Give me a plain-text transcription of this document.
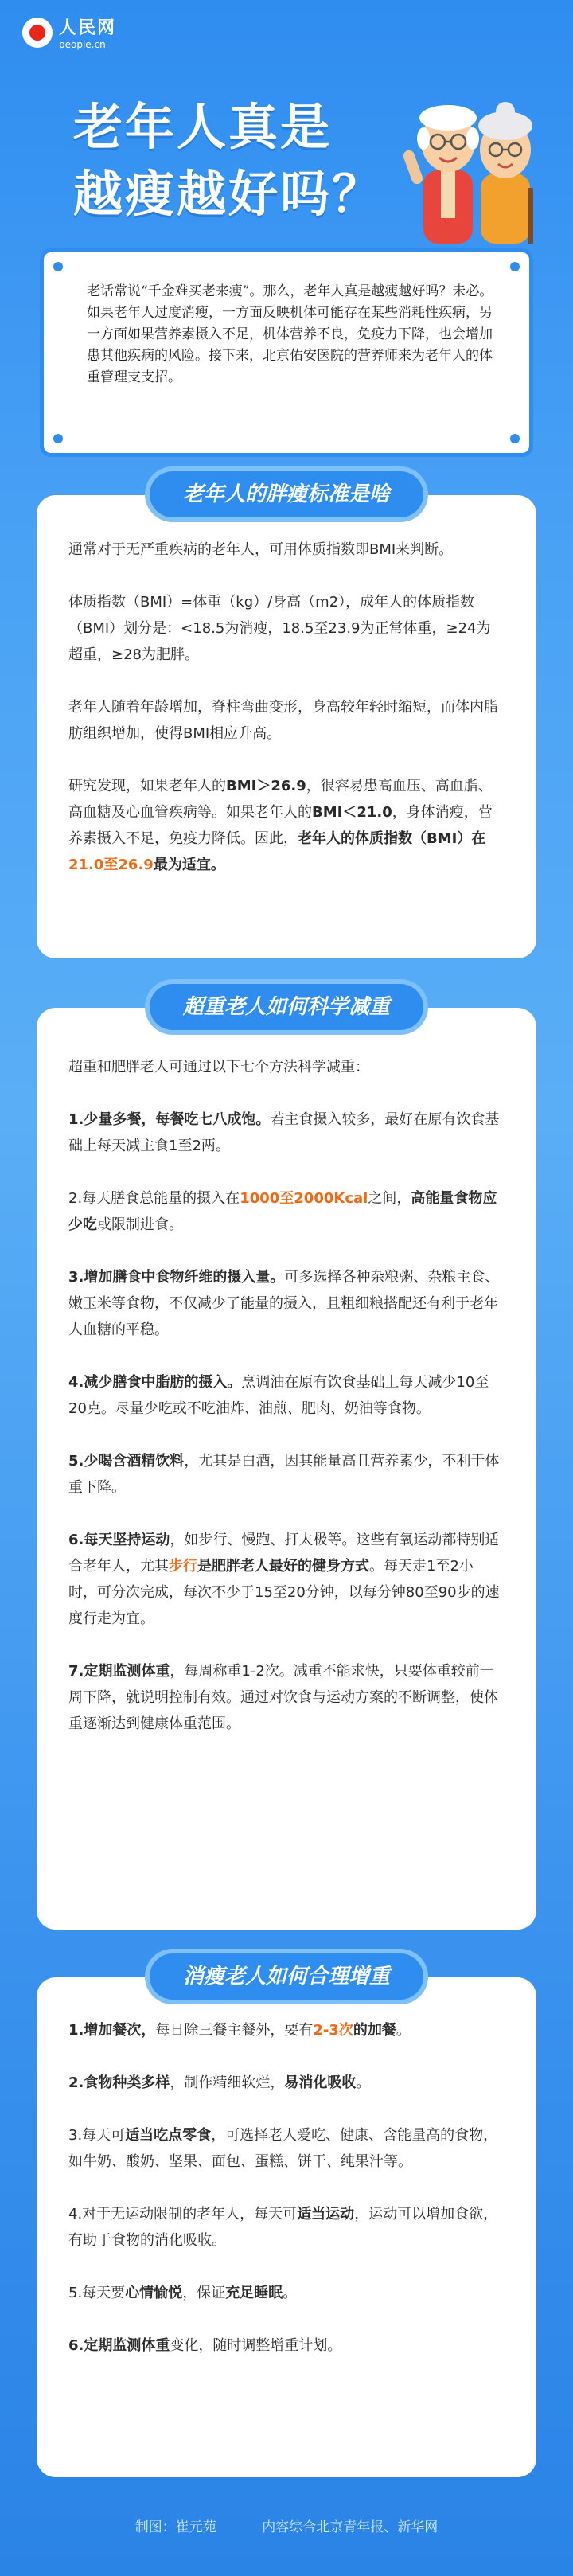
人民网
people.cn
老年人真是
越瘦越好吗？
老话常说“千金难买老来瘦”。那么，老年人真是越瘦越好吗？未必。如果老年人过度消瘦，一方面反映机体可能存在某些消耗性疾病，另一方面如果营养素摄入不足，机体营养不良，免疫力下降，也会增加患其他疾病的风险。接下来，北京佑安医院的营养师来为老年人的体重管理支支招。
老年人的胖瘦标准是啥

通常对于无严重疾病的老年人，可用体质指数即BMI来判断。

体质指数（BMI）=体重（kg）/身高（m2），成年人的体质指数（BMI）划分是：<18.5为消瘦，18.5至23.9为正常体重，≥24为超重，≥28为肥胖。

老年人随着年龄增加，脊柱弯曲变形，身高较年轻时缩短，而体内脂肪组织增加，使得BMI相应升高。

研究发现，如果老年人的BMI＞26.9，很容易患高血压、高血脂、高血糖及心血管疾病等。如果老年人的BMI＜21.0，身体消瘦，营养素摄入不足，免疫力降低。因此，老年人的体质指数（BMI）在21.0至26.9最为适宜。

超重老人如何科学减重

超重和肥胖老人可通过以下七个方法科学减重：

1.少量多餐，每餐吃七八成饱。若主食摄入较多，最好在原有饮食基础上每天减主食1至2两。

2.每天膳食总能量的摄入在1000至2000Kcal之间，高能量食物应少吃或限制进食。

3.增加膳食中食物纤维的摄入量。可多选择各种杂粮粥、杂粮主食、嫩玉米等食物，不仅减少了能量的摄入，且粗细粮搭配还有利于老年人血糖的平稳。

4.减少膳食中脂肪的摄入。烹调油在原有饮食基础上每天减少10至20克。尽量少吃或不吃油炸、油煎、肥肉、奶油等食物。

5.少喝含酒精饮料，尤其是白酒，因其能量高且营养素少，不利于体重下降。

6.每天坚持运动，如步行、慢跑、打太极等。这些有氧运动都特别适合老年人，尤其步行是肥胖老人最好的健身方式。每天走1至2小时，可分次完成，每次不少于15至20分钟，以每分钟80至90步的速度行走为宜。

7.定期监测体重，每周称重1-2次。减重不能求快，只要体重较前一周下降，就说明控制有效。通过对饮食与运动方案的不断调整，使体重逐渐达到健康体重范围。

消瘦老人如何合理增重

1.增加餐次，每日除三餐主餐外，要有2-3次的加餐。

2.食物种类多样，制作精细软烂，易消化吸收。

3.每天可适当吃点零食，可选择老人爱吃、健康、含能量高的食物，如牛奶、酸奶、坚果、面包、蛋糕、饼干、纯果汁等。

4.对于无运动限制的老年人，每天可适当运动，运动可以增加食欲，有助于食物的消化吸收。

5.每天要心情愉悦，保证充足睡眠。

6.定期监测体重变化，随时调整增重计划。

制图：崔元苑	内容综合北京青年报、新华网
